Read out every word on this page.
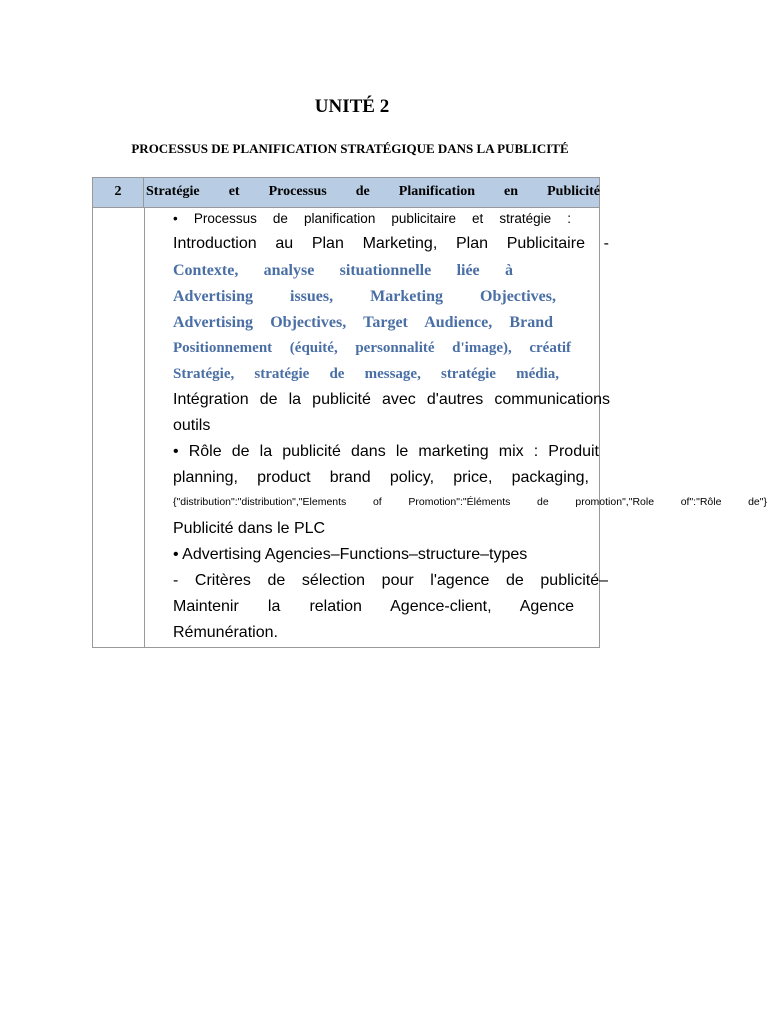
UNITÉ 2
PROCESSUS DE PLANIFICATION STRATÉGIQUE DANS LA PUBLICITÉ
2	Stratégie et Processus de Planification en Publicité
• Processus de planification publicitaire et stratégie :
Introduction au Plan Marketing, Plan Publicitaire -
Contexte, analyse situationnelle liée à
Advertising issues, Marketing Objectives,
Advertising Objectives, Target Audience, Brand
Positionnement (équité, personnalité d'image), créatif
Stratégie, stratégie de message, stratégie média,
Intégration de la publicité avec d'autres communications
outils
• Rôle de la publicité dans le marketing mix : Produit
planning, product brand policy, price, packaging,
{"distribution":"distribution","Elements of Promotion":"Éléments de promotion","Role of":"Rôle de"}
Publicité dans le PLC
• Advertising Agencies–Functions–structure–types
- Critères de sélection pour l'agence de publicité–
Maintenir la relation Agence-client, Agence
Rémunération.
